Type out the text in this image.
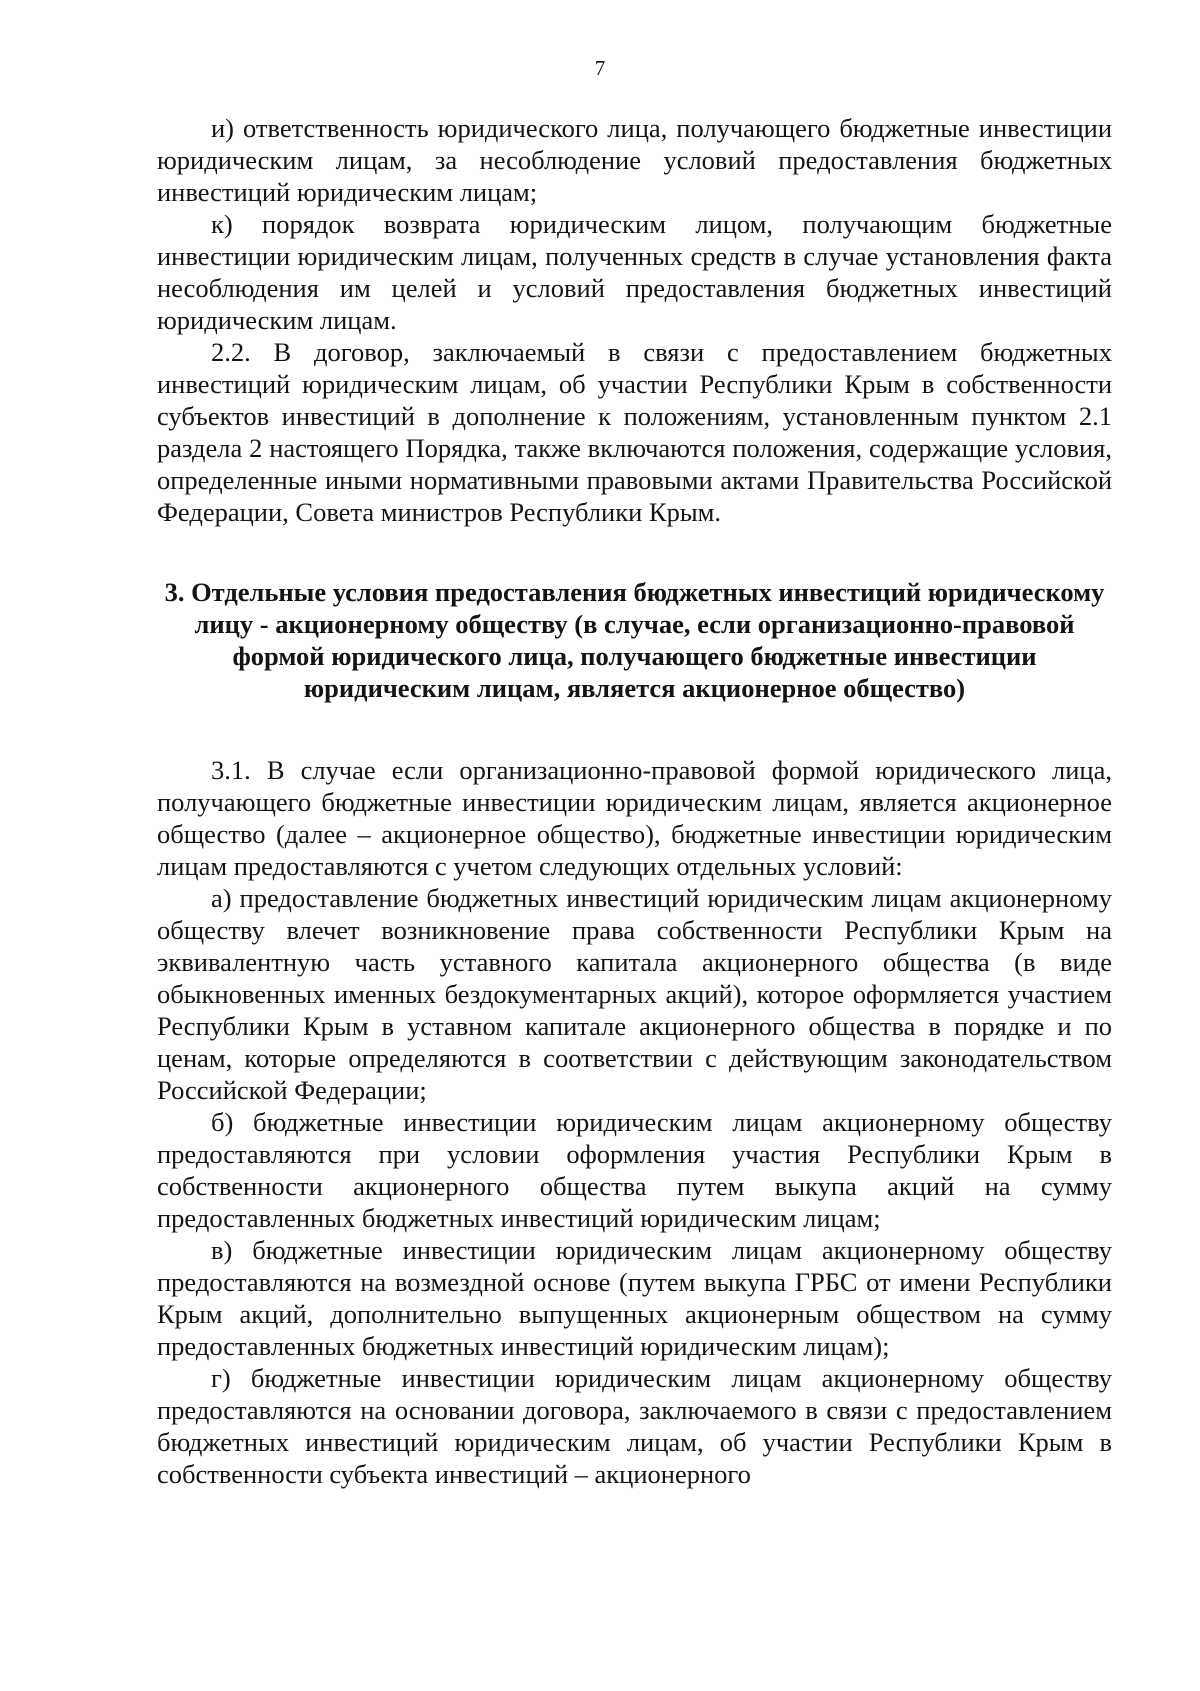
7

и) ответственность юридического лица, получающего бюджетные инвестиции юридическим лицам, за несоблюдение условий предоставления бюджетных инвестиций юридическим лицам;

к) порядок возврата юридическим лицом, получающим бюджетные инвестиции юридическим лицам, полученных средств в случае установления факта несоблюдения им целей и условий предоставления бюджетных инвестиций юридическим лицам.

2.2. В договор, заключаемый в связи с предоставлением бюджетных инвестиций юридическим лицам, об участии Республики Крым в собственности субъектов инвестиций в дополнение к положениям, установленным пунктом 2.1 раздела 2 настоящего Порядка, также включаются положения, содержащие условия, определенные иными нормативными правовыми актами Правительства Российской Федерации, Совета министров Республики Крым.

3. Отдельные условия предоставления бюджетных инвестиций юридическому лицу - акционерному обществу (в случае, если организационно-правовой формой юридического лица, получающего бюджетные инвестиции юридическим лицам, является акционерное общество)

3.1. В случае если организационно-правовой формой юридического лица, получающего бюджетные инвестиции юридическим лицам, является акционерное общество (далее – акционерное общество), бюджетные инвестиции юридическим лицам предоставляются с учетом следующих отдельных условий:

а) предоставление бюджетных инвестиций юридическим лицам акционерному обществу влечет возникновение права собственности Республики Крым на эквивалентную часть уставного капитала акционерного общества (в виде обыкновенных именных бездокументарных акций), которое оформляется участием Республики Крым в уставном капитале акционерного общества в порядке и по ценам, которые определяются в соответствии с действующим законодательством Российской Федерации;

б) бюджетные инвестиции юридическим лицам акционерному обществу предоставляются при условии оформления участия Республики Крым в собственности акционерного общества путем выкупа акций на сумму предоставленных бюджетных инвестиций юридическим лицам;

в) бюджетные инвестиции юридическим лицам акционерному обществу предоставляются на возмездной основе (путем выкупа ГРБС от имени Республики Крым акций, дополнительно выпущенных акционерным обществом на сумму предоставленных бюджетных инвестиций юридическим лицам);

г) бюджетные инвестиции юридическим лицам акционерному обществу предоставляются на основании договора, заключаемого в связи с предоставлением бюджетных инвестиций юридическим лицам, об участии Республики Крым в собственности субъекта инвестиций – акционерного
